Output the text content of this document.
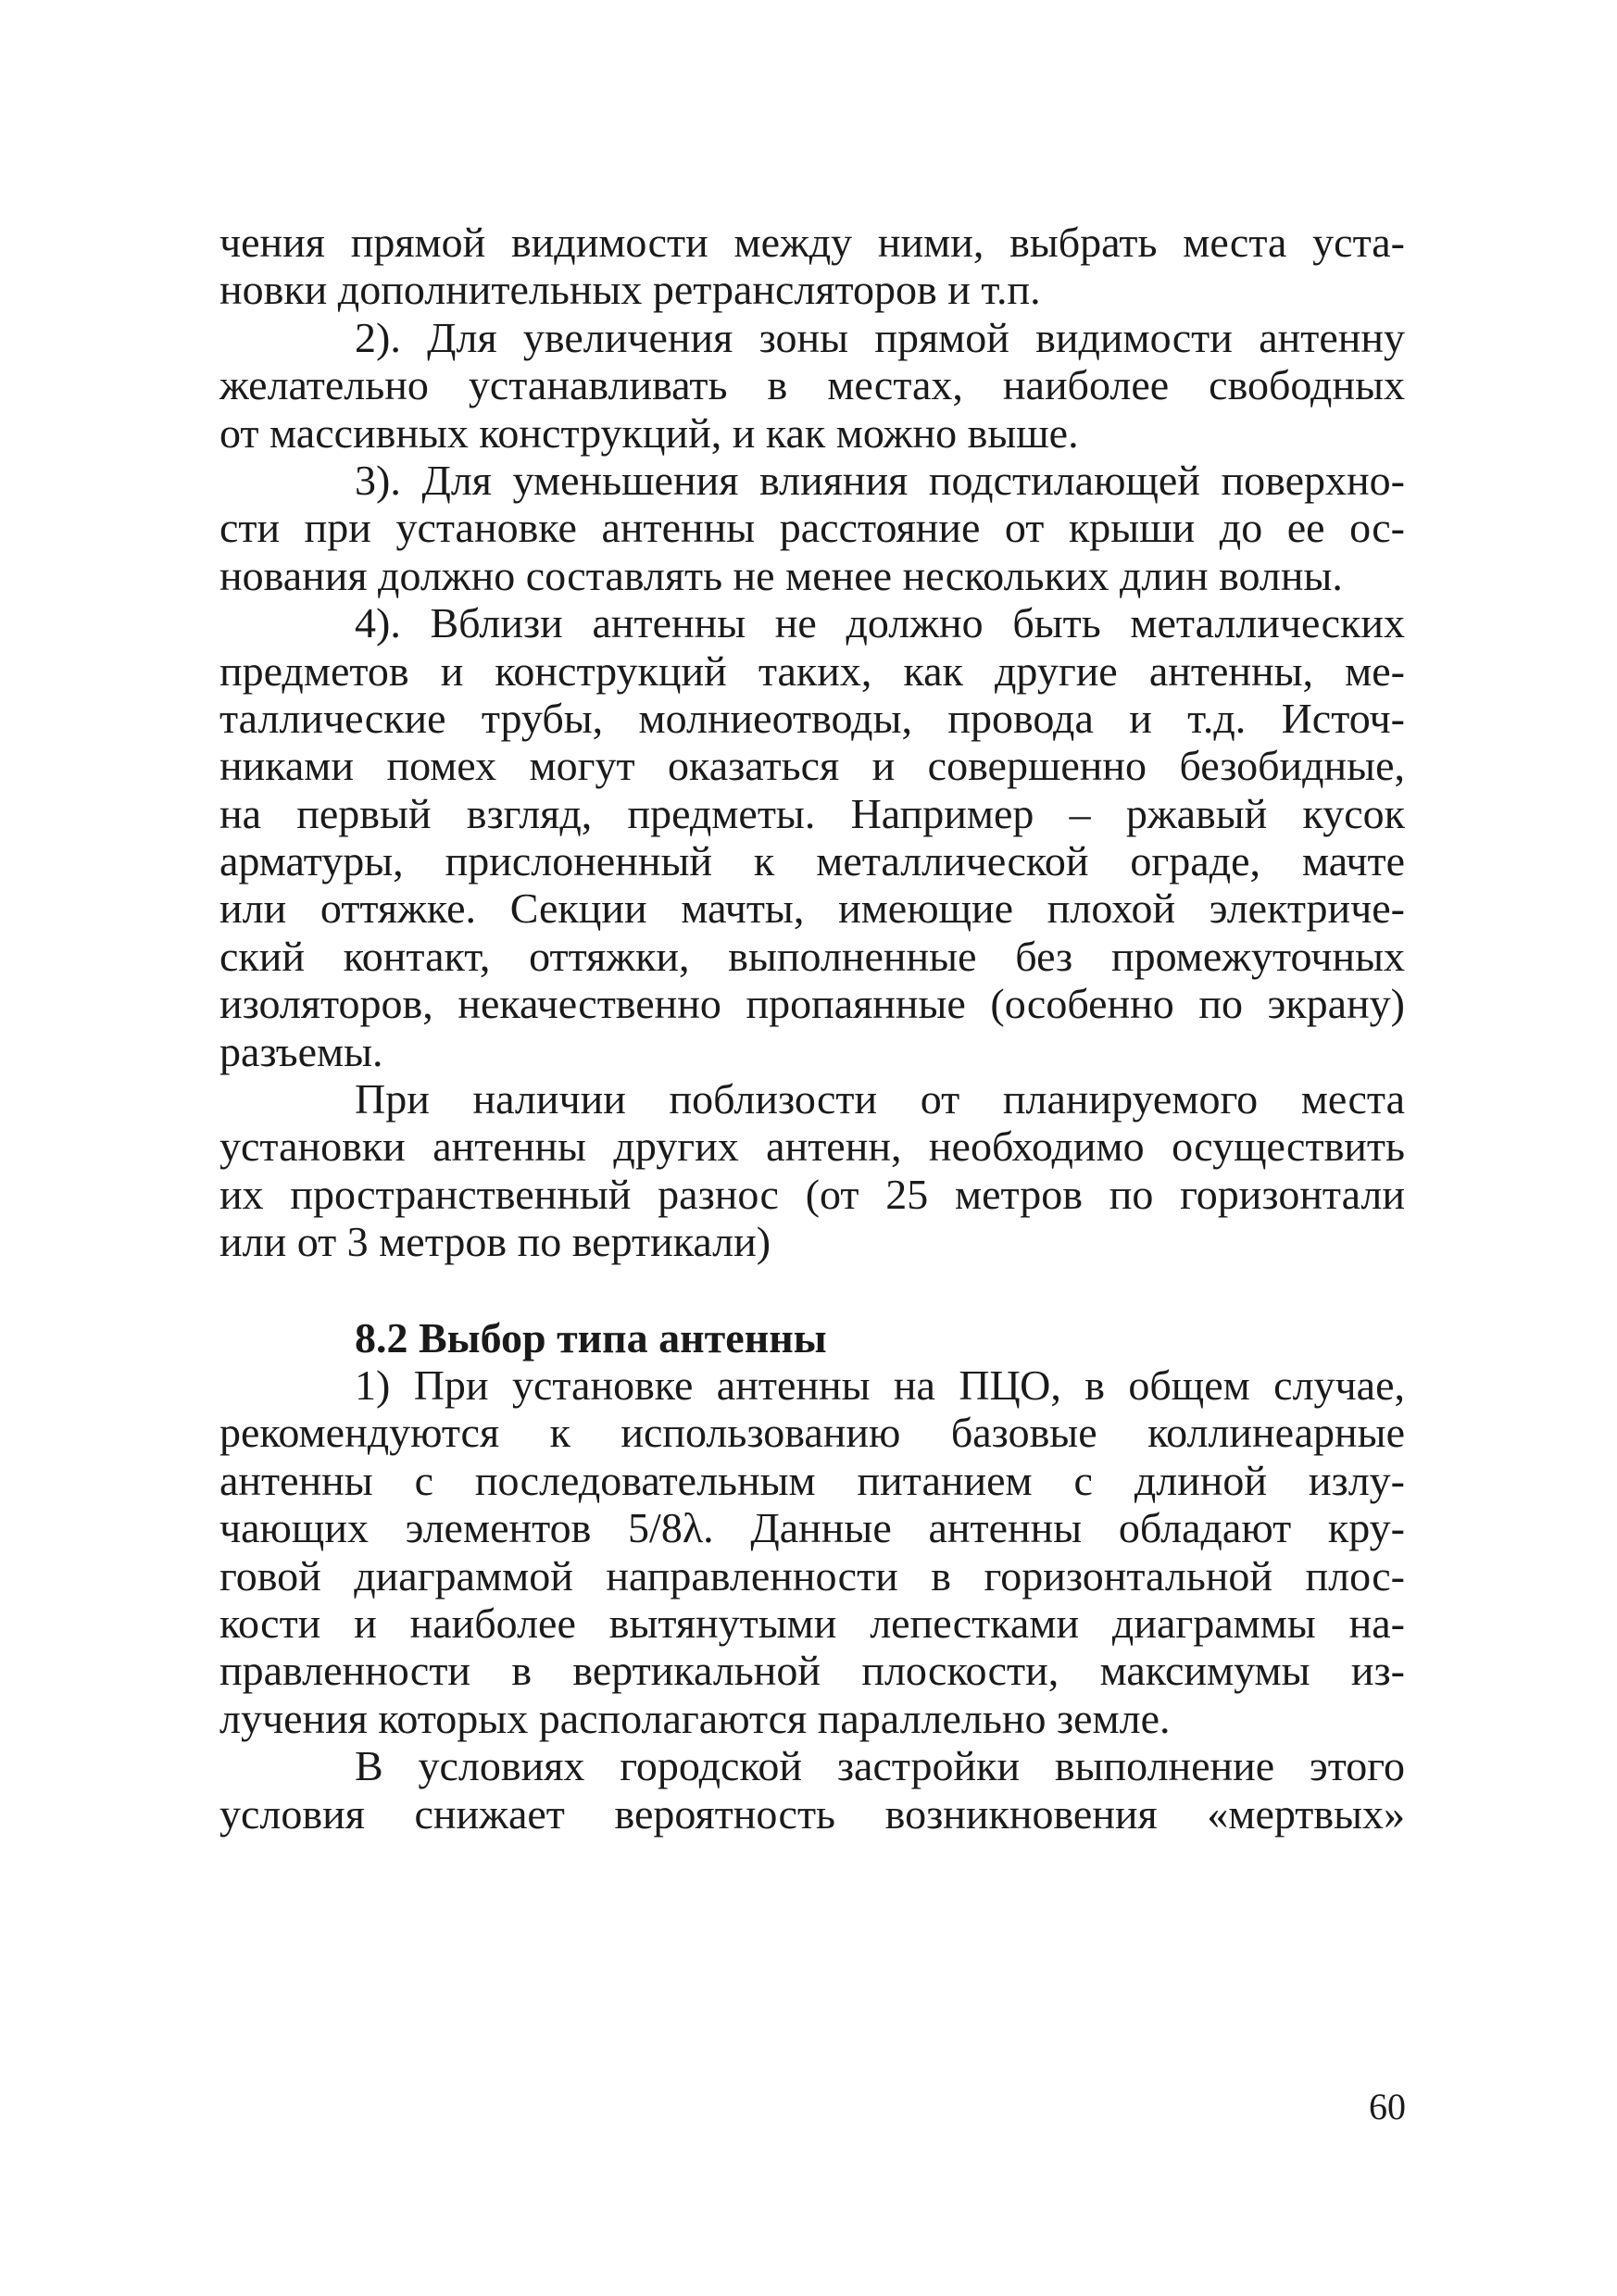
чения прямой видимости между ними, выбрать места уста-
новки дополнительных ретрансляторов и т.п.
2). Для увеличения зоны прямой видимости антенну
желательно устанавливать в местах, наиболее свободных
от массивных конструкций, и как можно выше.
3). Для уменьшения влияния подстилающей поверхно-
сти при установке антенны расстояние от крыши до ее ос-
нования должно составлять не менее нескольких длин волны.
4). Вблизи антенны не должно быть металлических
предметов и конструкций таких, как другие антенны, ме-
таллические трубы, молниеотводы, провода и т.д. Источ-
никами помех могут оказаться и совершенно безобидные,
на первый взгляд, предметы. Например – ржавый кусок
арматуры, прислоненный к металлической ограде, мачте
или оттяжке. Секции мачты, имеющие плохой электриче-
ский контакт, оттяжки, выполненные без промежуточных
изоляторов, некачественно пропаянные (особенно по экрану)
разъемы.
При наличии поблизости от планируемого места
установки антенны других антенн, необходимо осуществить
их пространственный разнос (от 25 метров по горизонтали
или от 3 метров по вертикали)
8.2 Выбор типа антенны
1) При установке антенны на ПЦО, в общем случае,
рекомендуются к использованию базовые коллинеарные
антенны с последовательным питанием с длиной излу-
чающих элементов 5/8λ. Данные антенны обладают кру-
говой диаграммой направленности в горизонтальной плос-
кости и наиболее вытянутыми лепестками диаграммы на-
правленности в вертикальной плоскости, максимумы из-
лучения которых располагаются параллельно земле.
В условиях городской застройки выполнение этого
условия снижает вероятность возникновения «мертвых»
60
